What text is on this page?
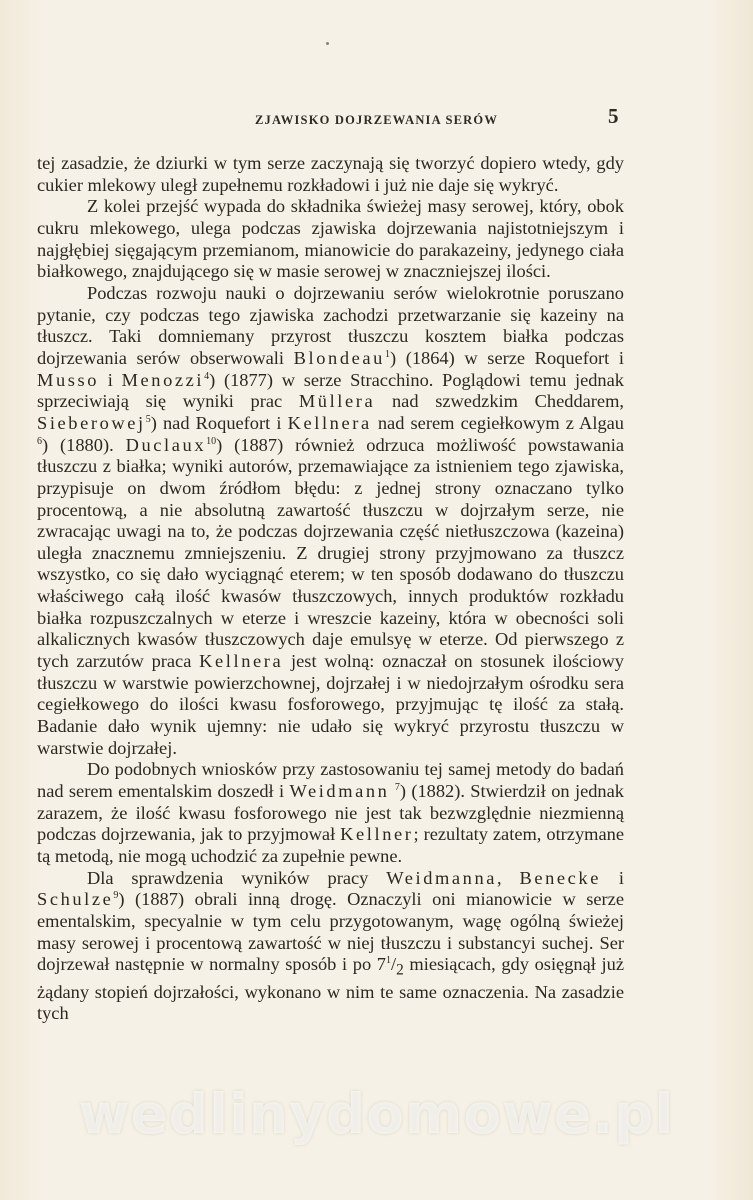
ZJAWISKO DOJRZEWANIA SERÓW	5

tej zasadzie, że dziurki w tym serze zaczynają się tworzyć dopiero wtedy, gdy cukier mlekowy uległ zupełnemu rozkładowi i już nie daje się wykryć.

Z kolei przejść wypada do składnika świeżej masy serowej, który, obok cukru mlekowego, ulega podczas zjawiska dojrzewania najistotniejszym i najgłębiej sięgającym przemianom, mianowicie do parakazeiny, jedynego ciała białkowego, znajdującego się w masie serowej w znaczniejszej ilości.

Podczas rozwoju nauki o dojrzewaniu serów wielokrotnie poruszano pytanie, czy podczas tego zjawiska zachodzi przetwarzanie się kazeiny na tłuszcz. Taki domniemany przyrost tłuszczu kosztem białka podczas dojrzewania serów obserwowali Blondeau$^1$) (1864) w serze Roquefort i Musso i Menozzi$^4$) (1877) w serze Stracchino. Poglądowi temu jednak sprzeciwiają się wyniki prac Müllera nad szwedzkim Cheddarem, Sieberowej$^5$) nad Roquefort i Kellnera nad serem cegiełkowym z Algau $^6$) (1880). Duclaux$^{10}$) (1887) również odrzuca możliwość powstawania tłuszczu z białka; wyniki autorów, przemawiające za istnieniem tego zjawiska, przypisuje on dwom źródłom błędu: z jednej strony oznaczano tylko procentową, a nie absolutną zawartość tłuszczu w dojrzałym serze, nie zwracając uwagi na to, że podczas dojrzewania część nietłuszczowa (kazeina) uległa znacznemu zmniejszeniu. Z drugiej strony przyjmowano za tłuszcz wszystko, co się dało wyciągnąć eterem; w ten sposób dodawano do tłuszczu właściwego całą ilość kwasów tłuszczowych, innych produktów rozkładu białka rozpuszczalnych w eterze i wreszcie kazeiny, która w obecności soli alkalicznych kwasów tłuszczowych daje emulsyę w eterze. Od pierwszego z tych zarzutów praca Kellnera jest wolną: oznaczał on stosunek ilościowy tłuszczu w warstwie powierzchownej, dojrzałej i w niedojrzałym ośrodku sera cegiełkowego do ilości kwasu fosforowego, przyjmując tę ilość za stałą. Badanie dało wynik ujemny: nie udało się wykryć przyrostu tłuszczu w warstwie dojrzałej.

Do podobnych wniosków przy zastosowaniu tej samej metody do badań nad serem ementalskim doszedł i Weidmann $^7$) (1882). Stwierdził on jednak zarazem, że ilość kwasu fosforowego nie jest tak bezwzględnie niezmienną podczas dojrzewania, jak to przyjmował Kellner; rezultaty zatem, otrzymane tą metodą, nie mogą uchodzić za zupełnie pewne.

Dla sprawdzenia wyników pracy Weidmanna, Benecke i Schulze$^9$) (1887) obrali inną drogę. Oznaczyli oni mianowicie w serze ementalskim, specyalnie w tym celu przygotowanym, wagę ogólną świeżej masy serowej i procentową zawartość w niej tłuszczu i substancyi suchej. Ser dojrzewał następnie w normalny sposób i po $7^1/_2$ miesiącach, gdy osięgnął już żądany stopień dojrzałości, wykonano w nim te same oznaczenia. Na zasadzie tych

wedlinydomowe.pl
